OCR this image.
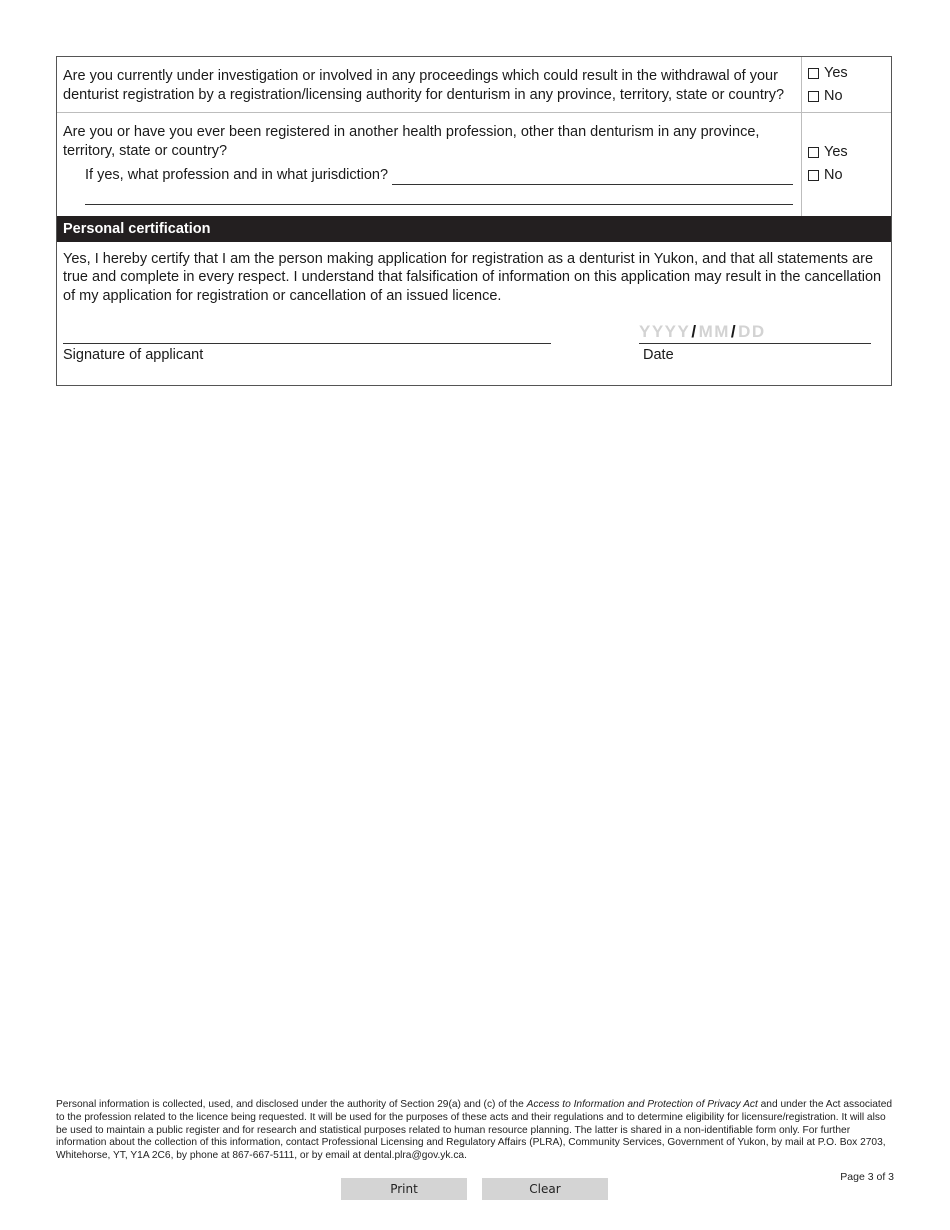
Are you currently under investigation or involved in any proceedings which could result in the withdrawal of your denturist registration by a registration/licensing authority for denturism in any province, territory, state or country?
Yes
No
Are you or have you ever been registered in another health profession, other than denturism in any province, territory, state or country?
If yes, what profession and in what jurisdiction?
Yes
No
Personal certification
Yes, I hereby certify that I am the person making application for registration as a denturist in Yukon, and that all statements are true and complete in every respect. I understand that falsification of information on this application may result in the cancellation of my application for registration or cancellation of an issued licence.
Signature of applicant
YYYY/MM/DD
Date
Personal information is collected, used, and disclosed under the authority of Section 29(a) and (c) of the Access to Information and Protection of Privacy Act and under the Act associated to the profession related to the licence being requested. It will be used for the purposes of these acts and their regulations and to determine eligibility for licensure/registration. It will also be used to maintain a public register and for research and statistical purposes related to human resource planning. The latter is shared in a non-identifiable form only. For further information about the collection of this information, contact Professional Licensing and Regulatory Affairs (PLRA), Community Services, Government of Yukon, by mail at P.O. Box 2703, Whitehorse, YT, Y1A 2C6, by phone at 867-667-5111, or by email at dental.plra@gov.yk.ca.
Page 3 of 3
Print	Clear
